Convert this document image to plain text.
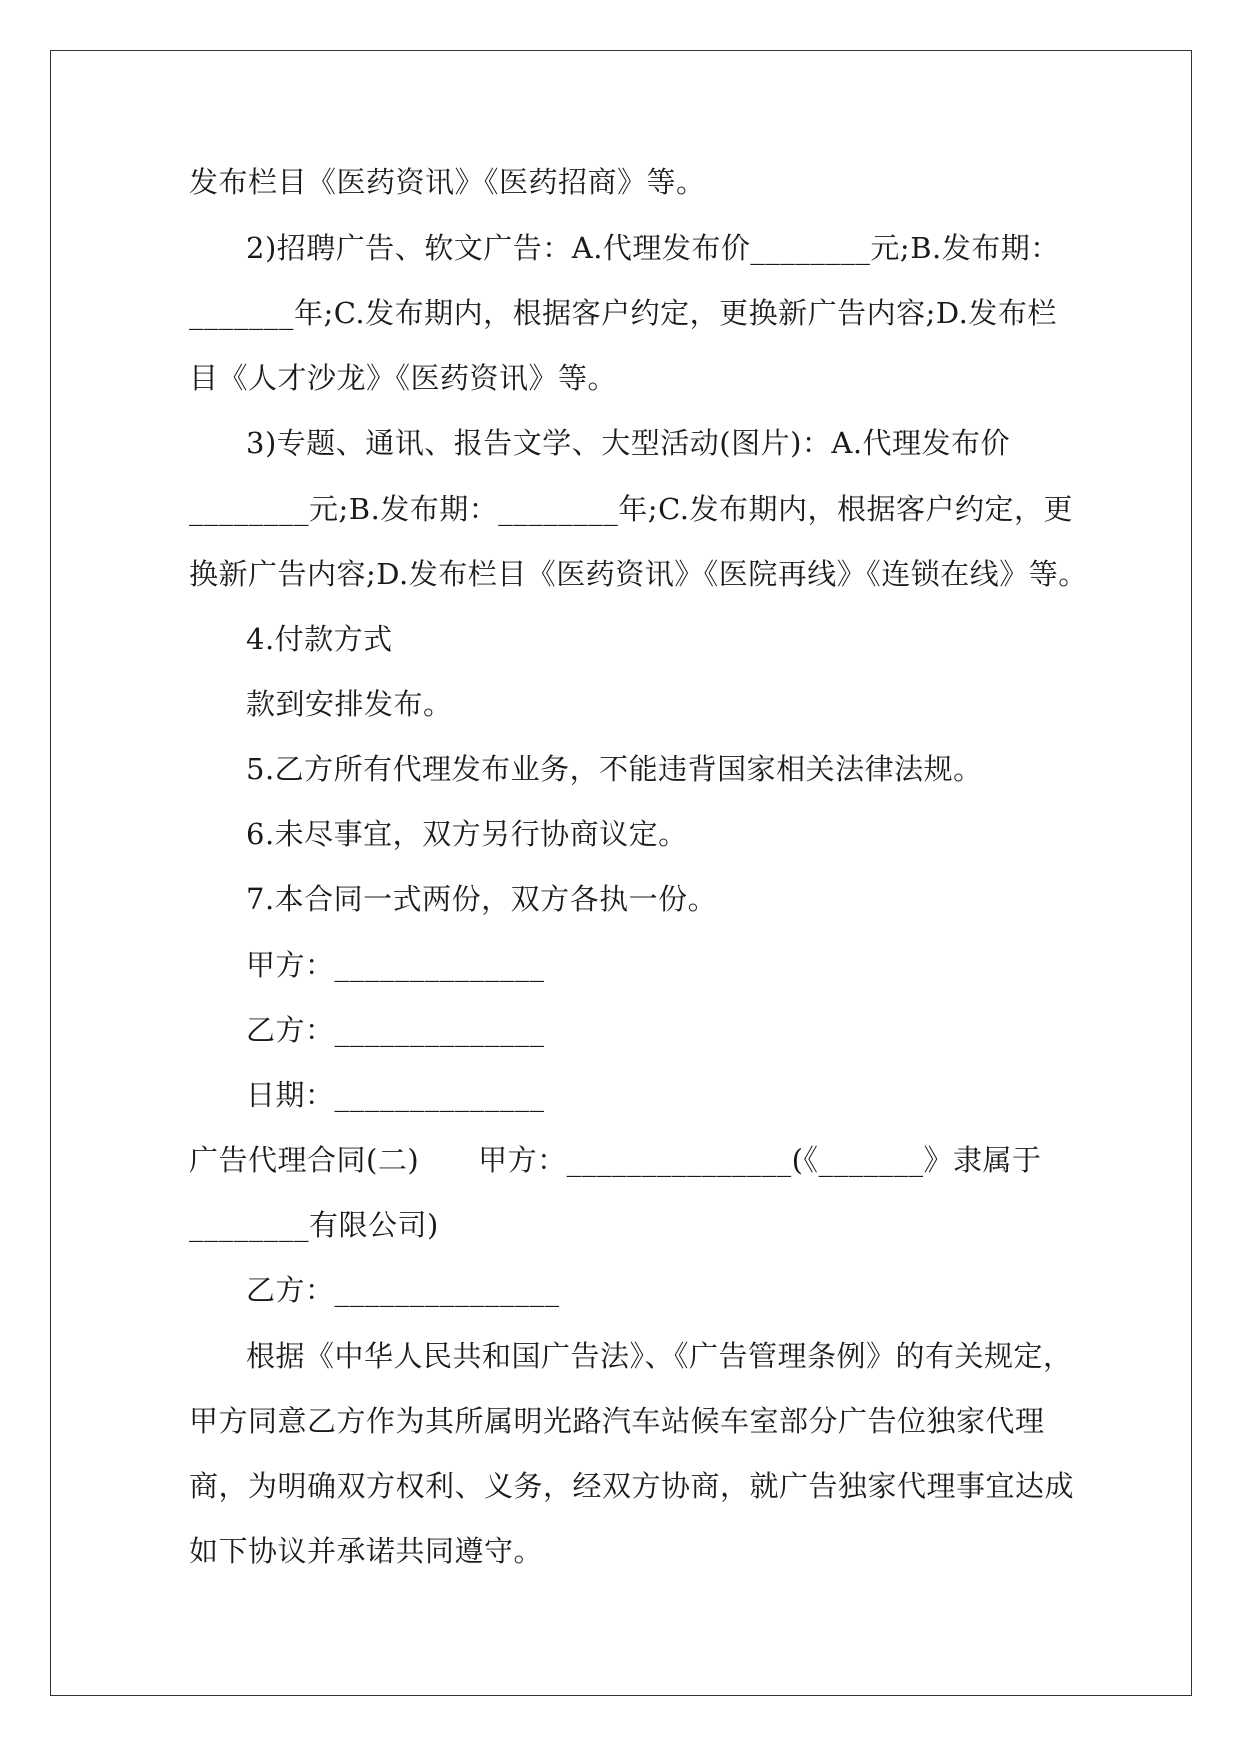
发布栏目《医药资讯》《医药招商》等。
2)招聘广告、软文广告：A.代理发布价________元;B.发布期：
_______年;C.发布期内，根据客户约定，更换新广告内容;D.发布栏
目《人才沙龙》《医药资讯》等。
3)专题、通讯、报告文学、大型活动(图片)：A.代理发布价
________元;B.发布期：________年;C.发布期内，根据客户约定，更
换新广告内容;D.发布栏目《医药资讯》《医院再线》《连锁在线》等。
4.付款方式
款到安排发布。
5.乙方所有代理发布业务，不能违背国家相关法律法规。
6.未尽事宜，双方另行协商议定。
7.本合同一式两份，双方各执一份。
甲方：______________
乙方：______________
日期：______________
广告代理合同(二)　　甲方：_______________(《_______》隶属于
________有限公司)
乙方：_______________
根据《中华人民共和国广告法》、《广告管理条例》的有关规定，
甲方同意乙方作为其所属明光路汽车站候车室部分广告位独家代理
商，为明确双方权利、义务，经双方协商，就广告独家代理事宜达成
如下协议并承诺共同遵守。
